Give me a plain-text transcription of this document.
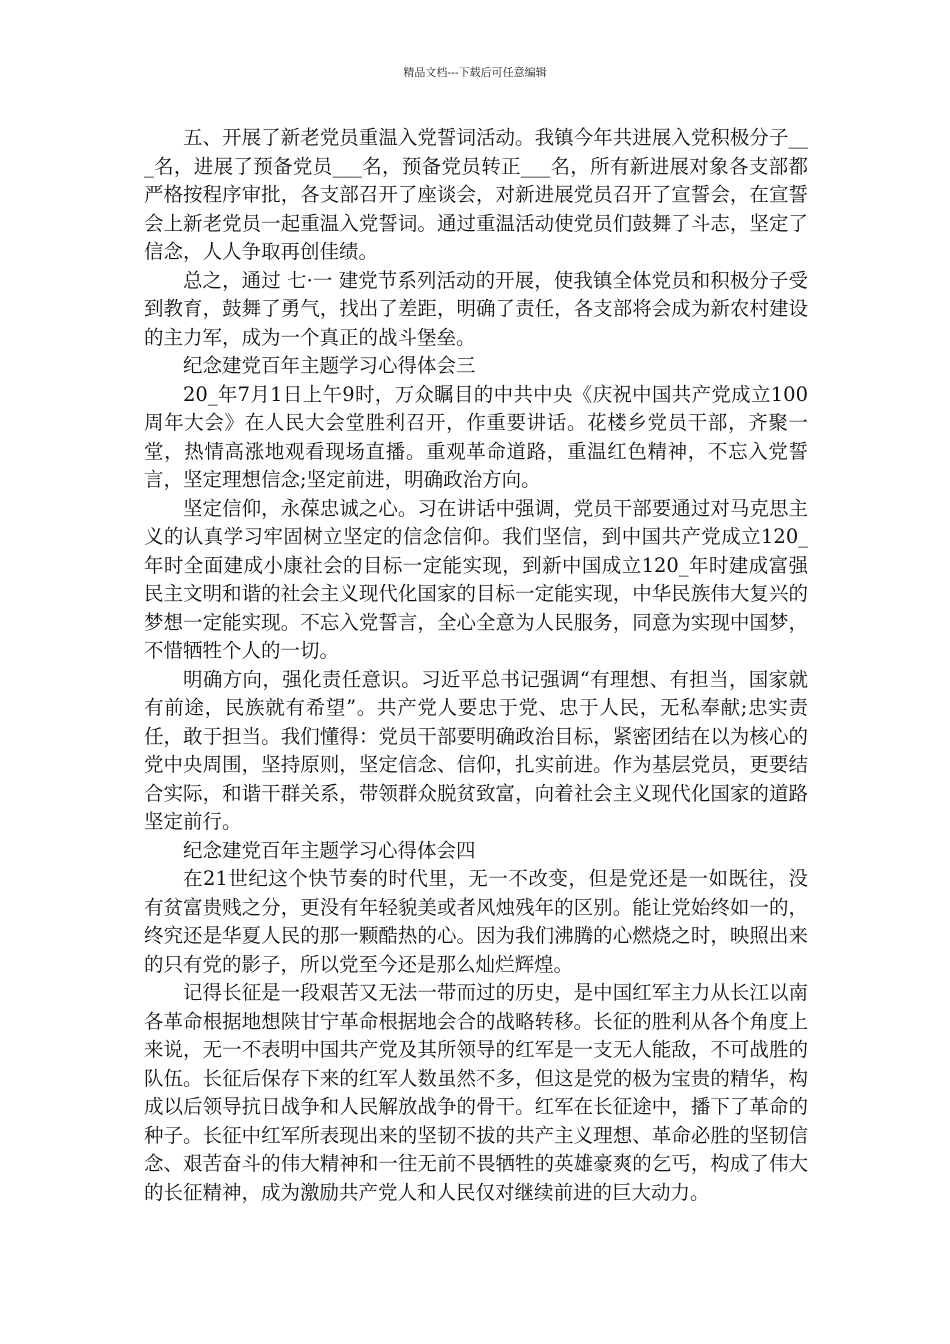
精品文档---下载后可任意编辑

五、开展了新老党员重温入党誓词活动。我镇今年共进展入党积极分子___名，进展了预备党员___名，预备党员转正___名，所有新进展对象各支部都严格按程序审批，各支部召开了座谈会，对新进展党员召开了宣誓会，在宣誓会上新老党员一起重温入党誓词。通过重温活动使党员们鼓舞了斗志，坚定了信念，人人争取再创佳绩。

总之，通过 七·一 建党节系列活动的开展，使我镇全体党员和积极分子受到教育，鼓舞了勇气，找出了差距，明确了责任，各支部将会成为新农村建设的主力军，成为一个真正的战斗堡垒。

纪念建党百年主题学习心得体会三

20_年7月1日上午9时，万众瞩目的中共中央《庆祝中国共产党成立100周年大会》在人民大会堂胜利召开，作重要讲话。花楼乡党员干部，齐聚一堂，热情高涨地观看现场直播。重观革命道路，重温红色精神，不忘入党誓言，坚定理想信念;坚定前进，明确政治方向。

坚定信仰，永葆忠诚之心。习在讲话中强调，党员干部要通过对马克思主义的认真学习牢固树立坚定的信念信仰。我们坚信，到中国共产党成立120_年时全面建成小康社会的目标一定能实现，到新中国成立120_年时建成富强民主文明和谐的社会主义现代化国家的目标一定能实现，中华民族伟大复兴的梦想一定能实现。不忘入党誓言，全心全意为人民服务，同意为实现中国梦，不惜牺牲个人的一切。

明确方向，强化责任意识。习近平总书记强调“有理想、有担当，国家就有前途，民族就有希望”。共产党人要忠于党、忠于人民，无私奉献;忠实责任，敢于担当。我们懂得：党员干部要明确政治目标，紧密团结在以为核心的党中央周围，坚持原则，坚定信念、信仰，扎实前进。作为基层党员，更要结合实际，和谐干群关系，带领群众脱贫致富，向着社会主义现代化国家的道路坚定前行。

纪念建党百年主题学习心得体会四

在21世纪这个快节奏的时代里，无一不改变，但是党还是一如既往，没有贫富贵贱之分，更没有年轻貌美或者风烛残年的区别。能让党始终如一的，终究还是华夏人民的那一颗酷热的心。因为我们沸腾的心燃烧之时，映照出来的只有党的影子，所以党至今还是那么灿烂辉煌。

记得长征是一段艰苦又无法一带而过的历史，是中国红军主力从长江以南各革命根据地想陕甘宁革命根据地会合的战略转移。长征的胜利从各个角度上来说，无一不表明中国共产党及其所领导的红军是一支无人能敌，不可战胜的队伍。长征后保存下来的红军人数虽然不多，但这是党的极为宝贵的精华，构成以后领导抗日战争和人民解放战争的骨干。红军在长征途中，播下了革命的种子。长征中红军所表现出来的坚韧不拔的共产主义理想、革命必胜的坚韧信念、艰苦奋斗的伟大精神和一往无前不畏牺牲的英雄豪爽的乞丐，构成了伟大的长征精神，成为激励共产党人和人民仅对继续前进的巨大动力。
